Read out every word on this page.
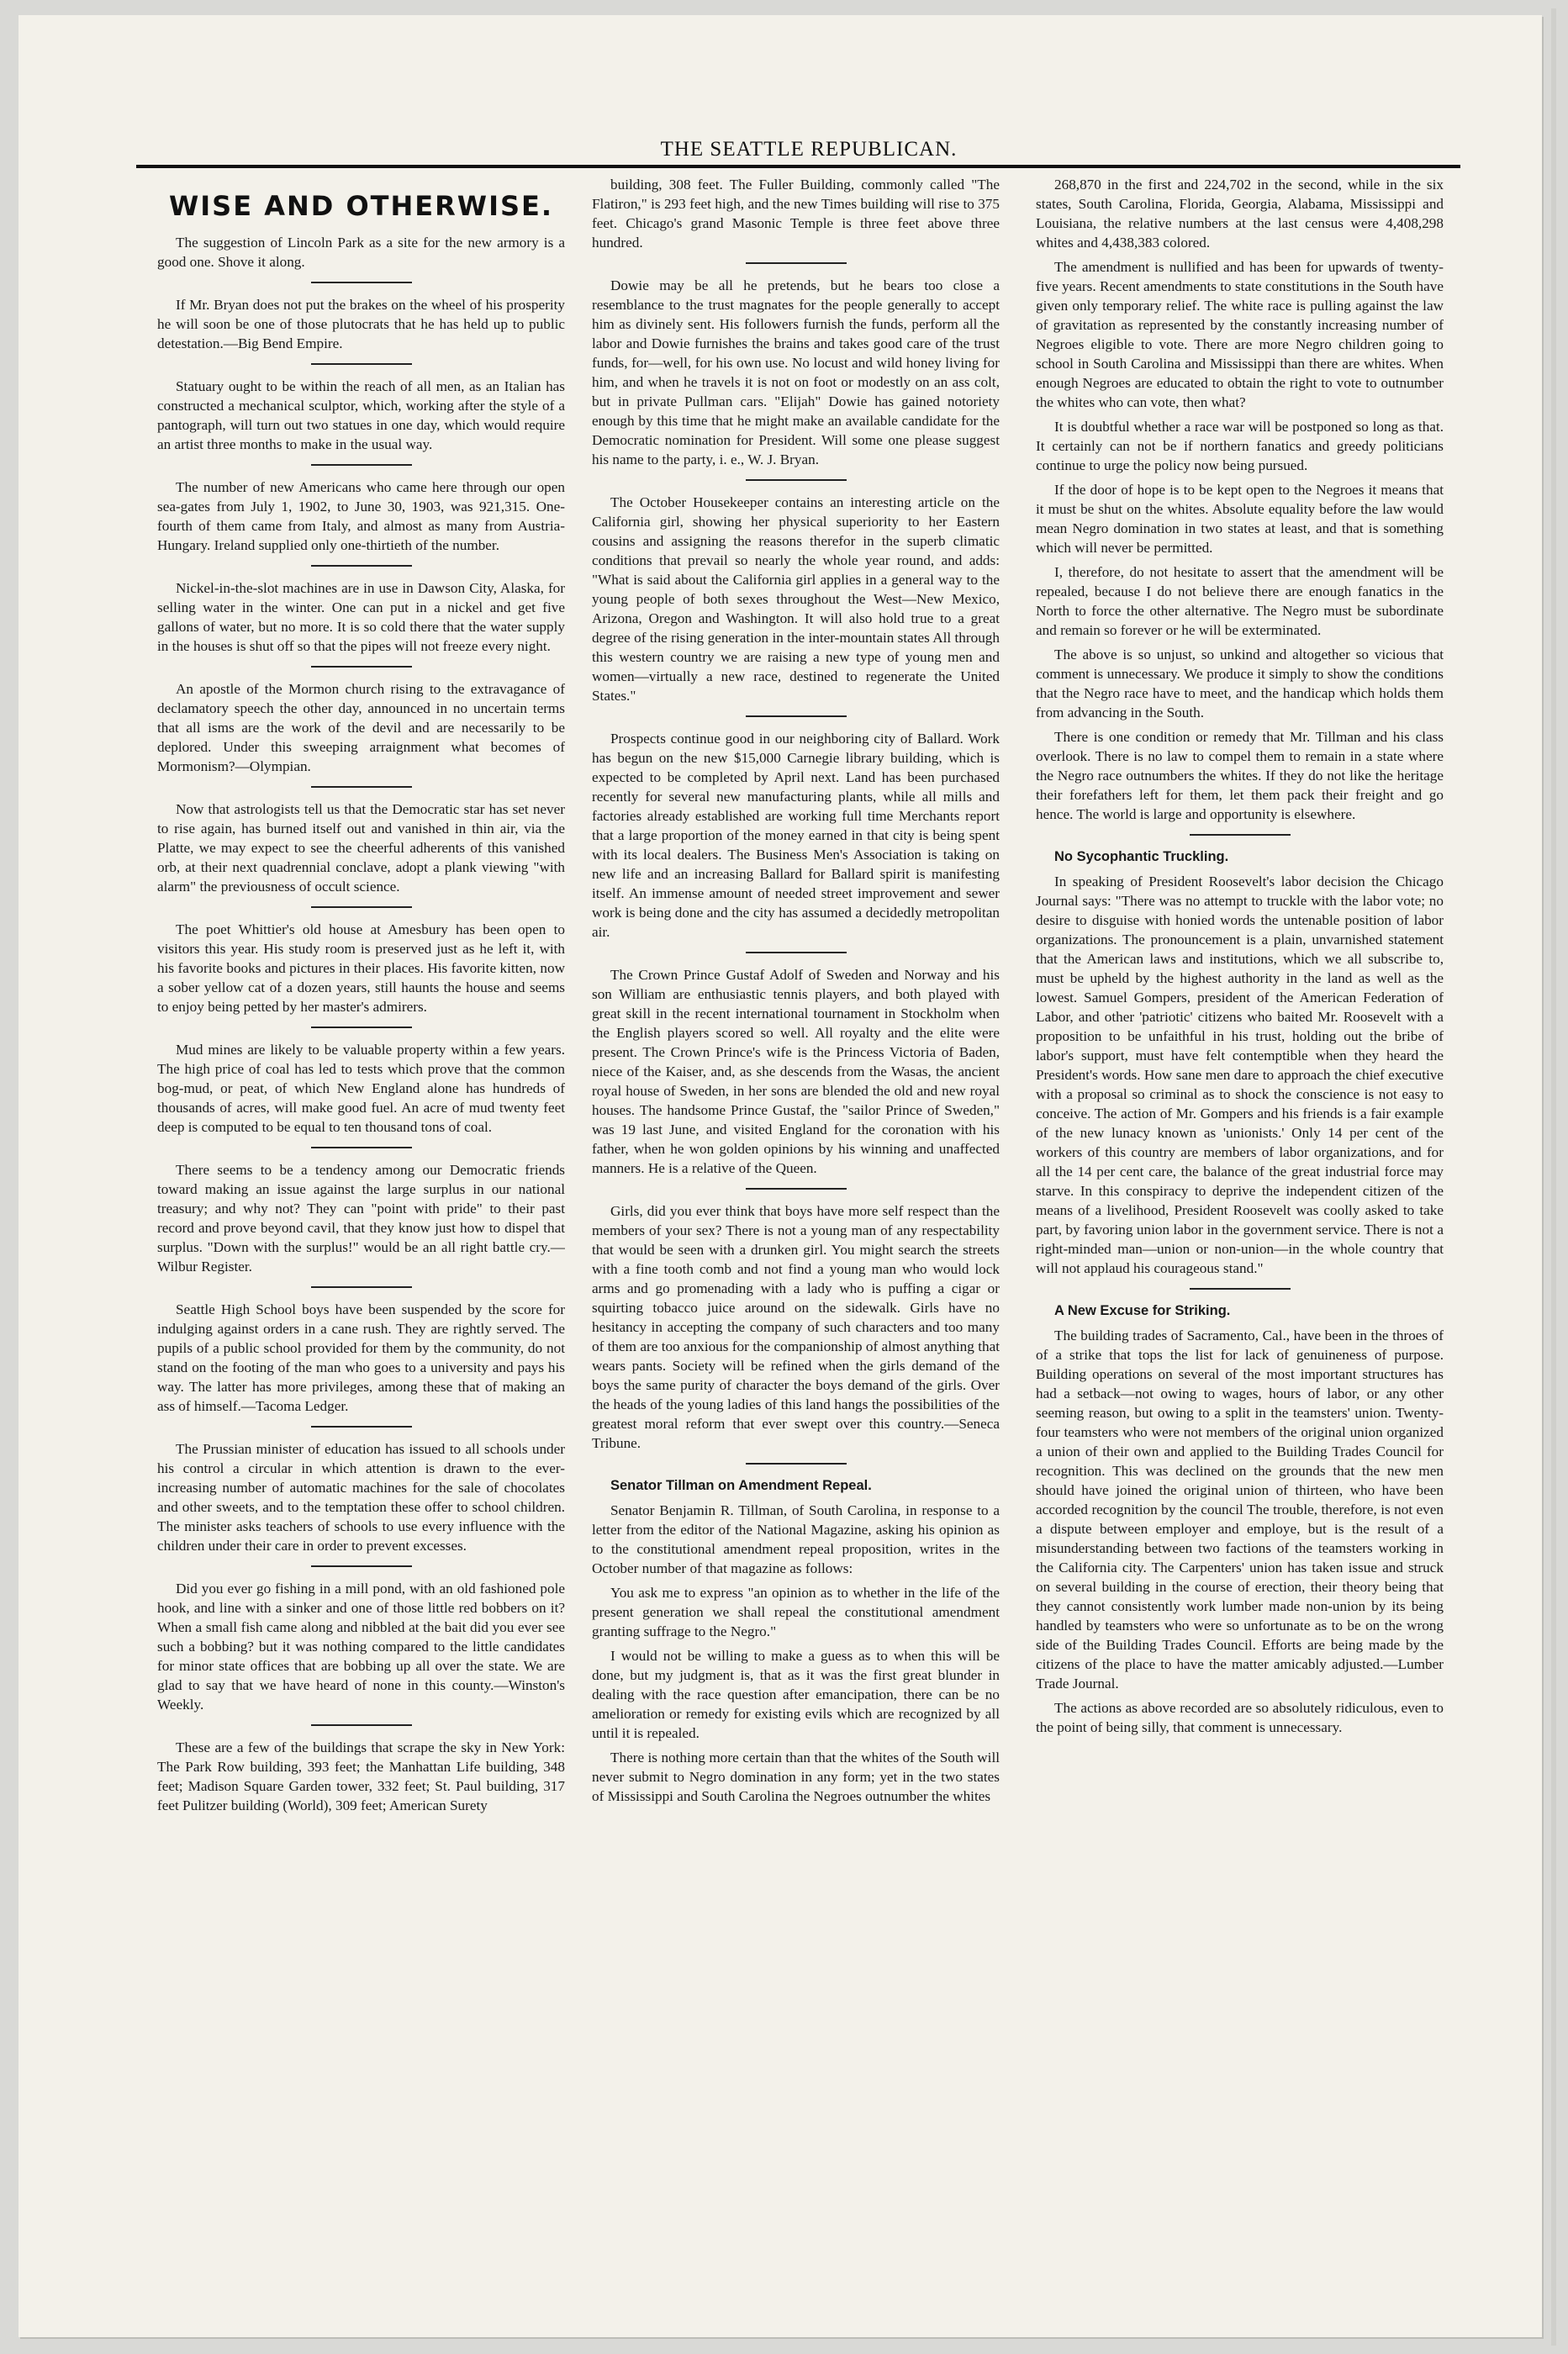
THE SEATTLE REPUBLICAN.
WISE AND OTHERWISE.

The suggestion of Lincoln Park as a site for the new armory is a good one. Shove it along.

If Mr. Bryan does not put the brakes on the wheel of his prosperity he will soon be one of those plutocrats that he has held up to public detestation.—Big Bend Empire.

Statuary ought to be within the reach of all men, as an Italian has constructed a mechanical sculptor, which, working after the style of a pantograph, will turn out two statues in one day, which would require an artist three months to make in the usual way.

The number of new Americans who came here through our open sea-gates from July 1, 1902, to June 30, 1903, was 921,315. One-fourth of them came from Italy, and almost as many from Austria-Hungary. Ireland supplied only one-thirtieth of the number.

Nickel-in-the-slot machines are in use in Dawson City, Alaska, for selling water in the winter. One can put in a nickel and get five gallons of water, but no more. It is so cold there that the water supply in the houses is shut off so that the pipes will not freeze every night.

An apostle of the Mormon church rising to the extravagance of declamatory speech the other day, announced in no uncertain terms that all isms are the work of the devil and are necessarily to be deplored. Under this sweeping arraignment what becomes of Mormonism?—Olympian.

Now that astrologists tell us that the Democratic star has set never to rise again, has burned itself out and vanished in thin air, via the Platte, we may expect to see the cheerful adherents of this vanished orb, at their next quadrennial conclave, adopt a plank viewing "with alarm" the previousness of occult science.

The poet Whittier's old house at Amesbury has been open to visitors this year. His study room is preserved just as he left it, with his favorite books and pictures in their places. His favorite kitten, now a sober yellow cat of a dozen years, still haunts the house and seems to enjoy being petted by her master's admirers.

Mud mines are likely to be valuable property within a few years. The high price of coal has led to tests which prove that the common bog-mud, or peat, of which New England alone has hundreds of thousands of acres, will make good fuel. An acre of mud twenty feet deep is computed to be equal to ten thousand tons of coal.

There seems to be a tendency among our Democratic friends toward making an issue against the large surplus in our national treasury; and why not? They can "point with pride" to their past record and prove beyond cavil, that they know just how to dispel that surplus. "Down with the surplus!" would be an all right battle cry.—Wilbur Register.

Seattle High School boys have been suspended by the score for indulging against orders in a cane rush. They are rightly served. The pupils of a public school provided for them by the community, do not stand on the footing of the man who goes to a university and pays his way. The latter has more privileges, among these that of making an ass of himself.—Tacoma Ledger.

The Prussian minister of education has issued to all schools under his control a circular in which attention is drawn to the ever-increasing number of automatic machines for the sale of chocolates and other sweets, and to the temptation these offer to school children. The minister asks teachers of schools to use every influence with the children under their care in order to prevent excesses.

Did you ever go fishing in a mill pond, with an old fashioned pole hook, and line with a sinker and one of those little red bobbers on it? When a small fish came along and nibbled at the bait did you ever see such a bobbing? but it was nothing compared to the little candidates for minor state offices that are bobbing up all over the state. We are glad to say that we have heard of none in this county.—Winston's Weekly.

These are a few of the buildings that scrape the sky in New York: The Park Row building, 393 feet; the Manhattan Life building, 348 feet; Madison Square Garden tower, 332 feet; St. Paul building, 317 feet Pulitzer building (World), 309 feet; American Surety

building, 308 feet. The Fuller Building, commonly called "The Flatiron," is 293 feet high, and the new Times building will rise to 375 feet. Chicago's grand Masonic Temple is three feet above three hundred.

Dowie may be all he pretends, but he bears too close a resemblance to the trust magnates for the people generally to accept him as divinely sent. His followers furnish the funds, perform all the labor and Dowie furnishes the brains and takes good care of the trust funds, for—well, for his own use. No locust and wild honey living for him, and when he travels it is not on foot or modestly on an ass colt, but in private Pullman cars. "Elijah" Dowie has gained notoriety enough by this time that he might make an available candidate for the Democratic nomination for President. Will some one please suggest his name to the party, i. e., W. J. Bryan.

The October Housekeeper contains an interesting article on the California girl, showing her physical superiority to her Eastern cousins and assigning the reasons therefor in the superb climatic conditions that prevail so nearly the whole year round, and adds: "What is said about the California girl applies in a general way to the young people of both sexes throughout the West—New Mexico, Arizona, Oregon and Washington. It will also hold true to a great degree of the rising generation in the inter-mountain states All through this western country we are raising a new type of young men and women—virtually a new race, destined to regenerate the United States."

Prospects continue good in our neighboring city of Ballard. Work has begun on the new $15,000 Carnegie library building, which is expected to be completed by April next. Land has been purchased recently for several new manufacturing plants, while all mills and factories already established are working full time Merchants report that a large proportion of the money earned in that city is being spent with its local dealers. The Business Men's Association is taking on new life and an increasing Ballard for Ballard spirit is manifesting itself. An immense amount of needed street improvement and sewer work is being done and the city has assumed a decidedly metropolitan air.

The Crown Prince Gustaf Adolf of Sweden and Norway and his son William are enthusiastic tennis players, and both played with great skill in the recent international tournament in Stockholm when the English players scored so well. All royalty and the elite were present. The Crown Prince's wife is the Princess Victoria of Baden, niece of the Kaiser, and, as she descends from the Wasas, the ancient royal house of Sweden, in her sons are blended the old and new royal houses. The handsome Prince Gustaf, the "sailor Prince of Sweden," was 19 last June, and visited England for the coronation with his father, when he won golden opinions by his winning and unaffected manners. He is a relative of the Queen.

Girls, did you ever think that boys have more self respect than the members of your sex? There is not a young man of any respectability that would be seen with a drunken girl. You might search the streets with a fine tooth comb and not find a young man who would lock arms and go promenading with a lady who is puffing a cigar or squirting tobacco juice around on the sidewalk. Girls have no hesitancy in accepting the company of such characters and too many of them are too anxious for the companionship of almost anything that wears pants. Society will be refined when the girls demand of the boys the same purity of character the boys demand of the girls. Over the heads of the young ladies of this land hangs the possibilities of the greatest moral reform that ever swept over this country.—Seneca Tribune.

Senator Tillman on Amendment Repeal.

Senator Benjamin R. Tillman, of South Carolina, in response to a letter from the editor of the National Magazine, asking his opinion as to the constitutional amendment repeal proposition, writes in the October number of that magazine as follows:

You ask me to express "an opinion as to whether in the life of the present generation we shall repeal the constitutional amendment granting suffrage to the Negro."

I would not be willing to make a guess as to when this will be done, but my judgment is, that as it was the first great blunder in dealing with the race question after emancipation, there can be no amelioration or remedy for existing evils which are recognized by all until it is repealed.

There is nothing more certain than that the whites of the South will never submit to Negro domination in any form; yet in the two states of Mississippi and South Carolina the Negroes outnumber the whites

268,870 in the first and 224,702 in the second, while in the six states, South Carolina, Florida, Georgia, Alabama, Mississippi and Louisiana, the relative numbers at the last census were 4,408,298 whites and 4,438,383 colored.

The amendment is nullified and has been for upwards of twenty-five years. Recent amendments to state constitutions in the South have given only temporary relief. The white race is pulling against the law of gravitation as represented by the constantly increasing number of Negroes eligible to vote. There are more Negro children going to school in South Carolina and Mississippi than there are whites. When enough Negroes are educated to obtain the right to vote to outnumber the whites who can vote, then what?

It is doubtful whether a race war will be postponed so long as that. It certainly can not be if northern fanatics and greedy politicians continue to urge the policy now being pursued.

If the door of hope is to be kept open to the Negroes it means that it must be shut on the whites. Absolute equality before the law would mean Negro domination in two states at least, and that is something which will never be permitted.

I, therefore, do not hesitate to assert that the amendment will be repealed, because I do not believe there are enough fanatics in the North to force the other alternative. The Negro must be subordinate and remain so forever or he will be exterminated.

The above is so unjust, so unkind and altogether so vicious that comment is unnecessary. We produce it simply to show the conditions that the Negro race have to meet, and the handicap which holds them from advancing in the South.

There is one condition or remedy that Mr. Tillman and his class overlook. There is no law to compel them to remain in a state where the Negro race outnumbers the whites. If they do not like the heritage their forefathers left for them, let them pack their freight and go hence. The world is large and opportunity is elsewhere.

No Sycophantic Truckling.

In speaking of President Roosevelt's labor decision the Chicago Journal says: "There was no attempt to truckle with the labor vote; no desire to disguise with honied words the untenable position of labor organizations. The pronouncement is a plain, unvarnished statement that the American laws and institutions, which we all subscribe to, must be upheld by the highest authority in the land as well as the lowest. Samuel Gompers, president of the American Federation of Labor, and other 'patriotic' citizens who baited Mr. Roosevelt with a proposition to be unfaithful in his trust, holding out the bribe of labor's support, must have felt contemptible when they heard the President's words. How sane men dare to approach the chief executive with a proposal so criminal as to shock the conscience is not easy to conceive. The action of Mr. Gompers and his friends is a fair example of the new lunacy known as 'unionists.' Only 14 per cent of the workers of this country are members of labor organizations, and for all the 14 per cent care, the balance of the great industrial force may starve. In this conspiracy to deprive the independent citizen of the means of a livelihood, President Roosevelt was coolly asked to take part, by favoring union labor in the government service. There is not a right-minded man—union or non-union—in the whole country that will not applaud his courageous stand."

A New Excuse for Striking.

The building trades of Sacramento, Cal., have been in the throes of of a strike that tops the list for lack of genuineness of purpose. Building operations on several of the most important structures has had a setback—not owing to wages, hours of labor, or any other seeming reason, but owing to a split in the teamsters' union. Twenty-four teamsters who were not members of the original union organized a union of their own and applied to the Building Trades Council for recognition. This was declined on the grounds that the new men should have joined the original union of thirteen, who have been accorded recognition by the council The trouble, therefore, is not even a dispute between employer and employe, but is the result of a misunderstanding between two factions of the teamsters working in the California city. The Carpenters' union has taken issue and struck on several building in the course of erection, their theory being that they cannot consistently work lumber made non-union by its being handled by teamsters who were so unfortunate as to be on the wrong side of the Building Trades Council. Efforts are being made by the citizens of the place to have the matter amicably adjusted.—Lumber Trade Journal.

The actions as above recorded are so absolutely ridiculous, even to the point of being silly, that comment is unnecessary.
